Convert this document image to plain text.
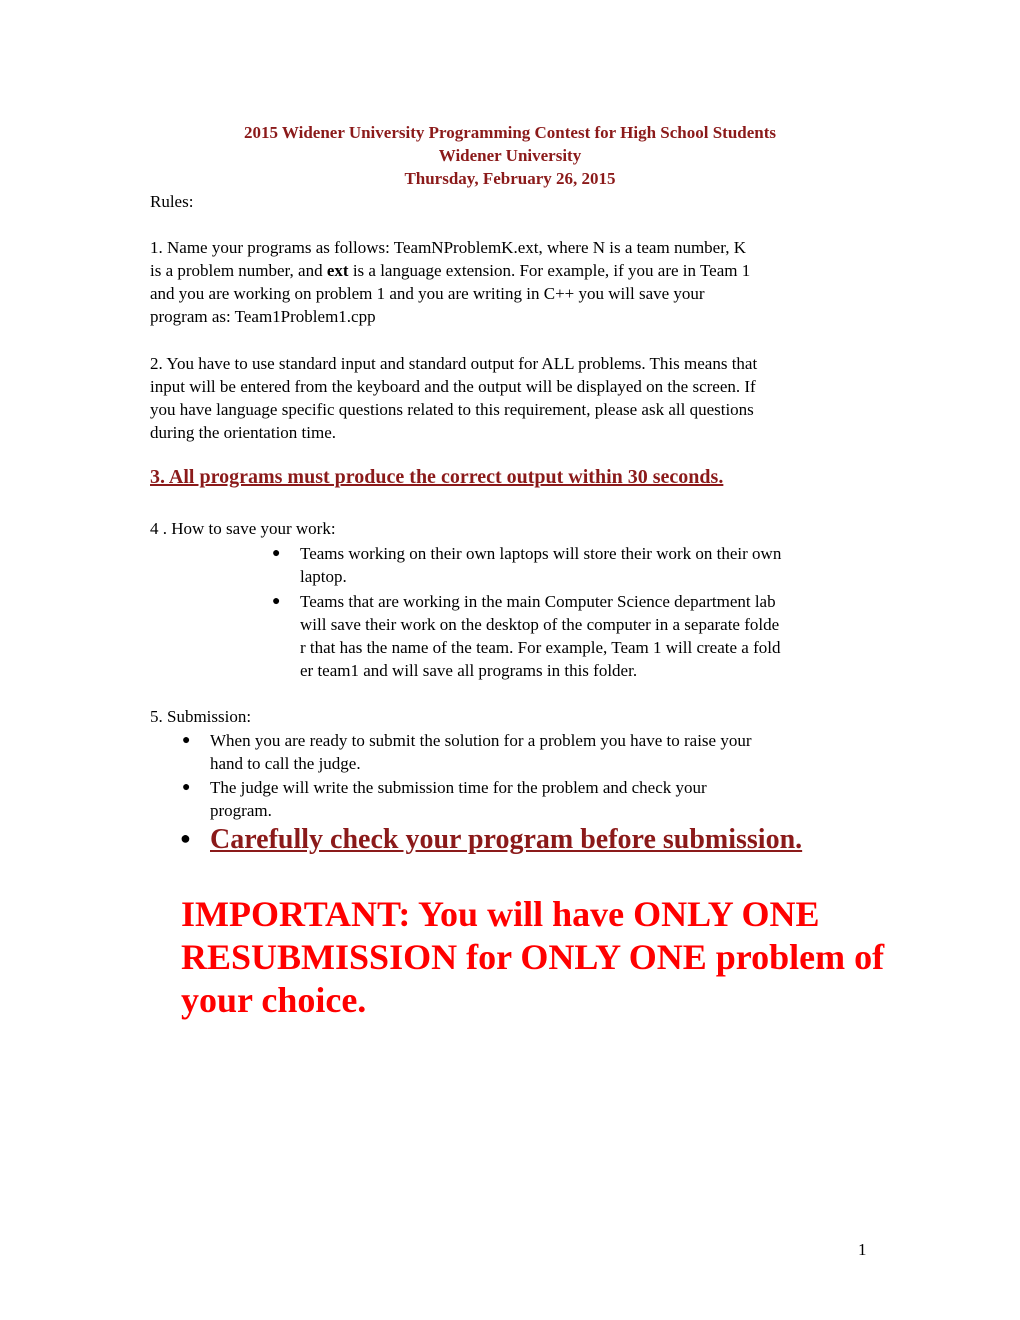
2015 Widener University Programming Contest for High School Students
Widener University
Thursday, February 26, 2015
Rules:
1. Name your programs as follows: TeamNProblemK.ext, where N is a team number, K
is a problem number, and ext is a language extension. For example, if you are in Team 1
and you are working on problem 1 and you are writing in C++ you will save your
program as: Team1Problem1.cpp
2. You have to use standard input and standard output for ALL problems. This means that
input will be entered from the keyboard and the output will be displayed on the screen. If
you have language specific questions related to this requirement, please ask all questions
during the orientation time.
3. All programs must produce the correct output within 30 seconds.
4 . How to save your work:
● Teams working on their own laptops will store their work on their own
laptop.
● Teams that are working in the main Computer Science department lab
will save their work on the desktop of the computer in a separate folde
r that has the name of the team. For example, Team 1 will create a fold
er team1 and will save all programs in this folder.
5. Submission:
● When you are ready to submit the solution for a problem you have to raise your
hand to call the judge.
● The judge will write the submission time for the problem and check your
program.
● Carefully check your program before submission.
IMPORTANT: You will have ONLY ONE RESUBMISSION for ONLY ONE problem of your choice.
1
